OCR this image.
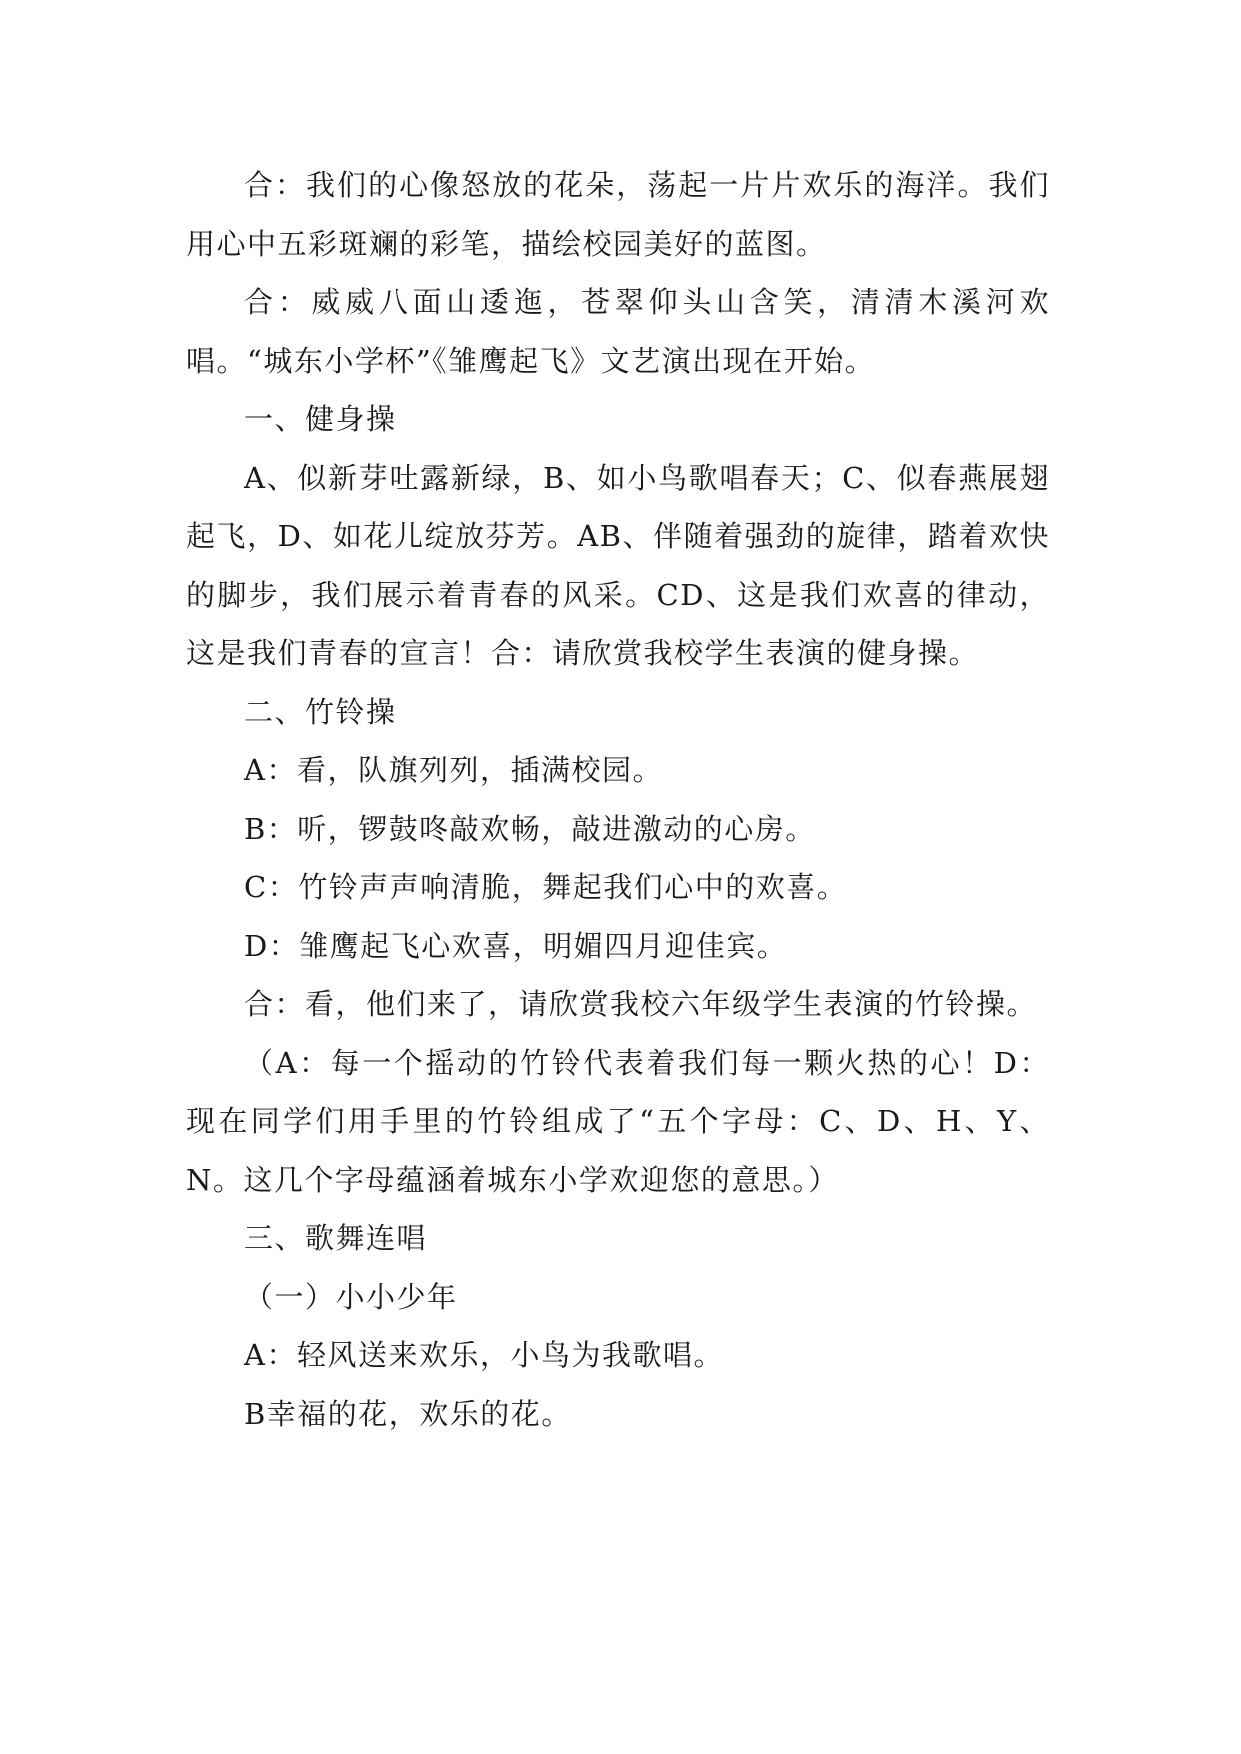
合：我们的心像怒放的花朵，荡起一片片欢乐的海洋。我们用心中五彩斑斓的彩笔，描绘校园美好的蓝图。

合：威威八面山逶迤，苍翠仰头山含笑，清清木溪河欢唱。“城东小学杯”《雏鹰起飞》文艺演出现在开始。

一、健身操

A、似新芽吐露新绿，B、如小鸟歌唱春天；C、似春燕展翅起飞，D、如花儿绽放芬芳。AB、伴随着强劲的旋律，踏着欢快的脚步，我们展示着青春的风采。CD、这是我们欢喜的律动，这是我们青春的宣言！合：请欣赏我校学生表演的健身操。

二、竹铃操

A：看，队旗列列，插满校园。

B：听，锣鼓咚敲欢畅，敲进激动的心房。

C：竹铃声声响清脆，舞起我们心中的欢喜。

D：雏鹰起飞心欢喜，明媚四月迎佳宾。

合：看，他们来了，请欣赏我校六年级学生表演的竹铃操。

（A：每一个摇动的竹铃代表着我们每一颗火热的心！D：现在同学们用手里的竹铃组成了“五个字母：C、D、H、Y、N。这几个字母蕴涵着城东小学欢迎您的意思。）

三、歌舞连唱

（一）小小少年

A：轻风送来欢乐，小鸟为我歌唱。

B幸福的花，欢乐的花。
